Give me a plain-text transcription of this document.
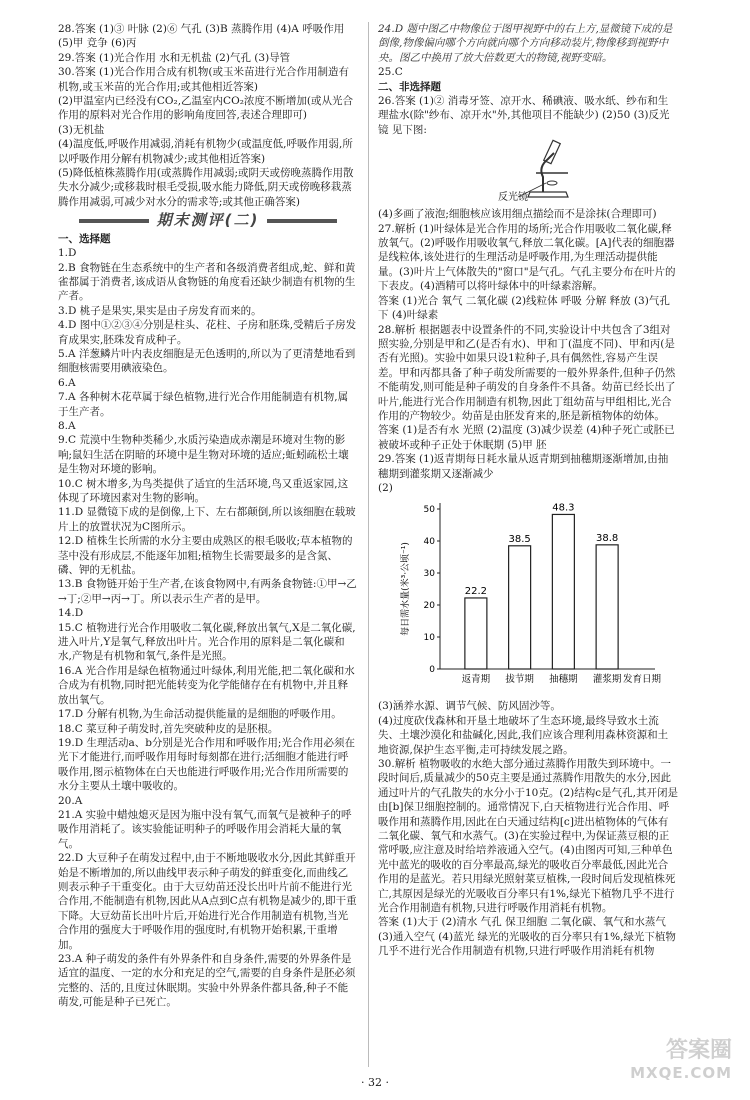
28.答案 (1)③ 叶脉 (2)⑥ 气孔 (3)B 蒸腾作用 (4)A 呼吸作用 (5)甲 竞争 (6)丙

29.答案 (1)光合作用 水和无机盐 (2)气孔 (3)导管

30.答案 (1)光合作用合成有机物(或玉米苗进行光合作用制造有机物,或玉米苗的光合作用;或其他相近答案)

(2)甲温室内已经没有CO₂,乙温室内CO₂浓度不断增加(或从光合作用的原料对光合作用的影响角度回答,表述合理即可)

(3)无机盐

(4)温度低,呼吸作用减弱,消耗有机物少(或温度低,呼吸作用弱,所以呼吸作用分解有机物减少;或其他相近答案)

(5)降低植株蒸腾作用(或蒸腾作用减弱;或阴天或傍晚蒸腾作用散失水分减少;或移栽时根毛受损,吸水能力降低,阴天或傍晚移栽蒸腾作用减弱,可减少对水分的需求等;或其他正确答案)

期末测评(二)

一、选择题

1.D

2.B 食物链在生态系统中的生产者和各级消费者组成,蛇、鲜和黄雀都属于消费者,该成语从食物链的角度看还缺少制造有机物的生产者。

3.D 桃子是果实,果实是由子房发育而来的。

4.D 图中①②③④分别是柱头、花柱、子房和胚珠,受精后子房发育成果实,胚珠发育成种子。

5.A 洋葱鳞片叶内表皮细胞是无色透明的,所以为了更清楚地看到细胞核需要用碘液染色。

6.A

7.A 各种树木花草属于绿色植物,进行光合作用能制造有机物,属于生产者。

8.A

9.C 荒漠中生物种类稀少,水质污染造成赤潮是环境对生物的影响;鼠妇生活在阴暗的环境中是生物对环境的适应;蚯蚓疏松土壤是生物对环境的影响。

10.C 树木增多,为鸟类提供了适宜的生活环境,鸟又重返家园,这体现了环境因素对生物的影响。

11.D 显微镜下成的是倒像,上下、左右都颠倒,所以该细胞在载玻片上的放置状况为C图所示。

12.D 植株生长所需的水分主要由成熟区的根毛吸收;草本植物的茎中没有形成层,不能逐年加粗;植物生长需要最多的是含氮、磷、钾的无机盐。

13.B 食物链开始于生产者,在该食物网中,有两条食物链:①甲→乙→丁;②甲→丙→丁。所以表示生产者的是甲。

14.D

15.C 植物进行光合作用吸收二氧化碳,释放出氧气,X是二氧化碳,进入叶片,Y是氧气,释放出叶片。光合作用的原料是二氧化碳和水,产物是有机物和氧气,条件是光照。

16.A 光合作用是绿色植物通过叶绿体,利用光能,把二氧化碳和水合成为有机物,同时把光能转变为化学能储存在有机物中,并且释放出氧气。

17.D 分解有机物,为生命活动提供能量的是细胞的呼吸作用。

18.C 菜豆种子萌发时,首先突破种皮的是胚根。

19.D 生理活动a、b分别是光合作用和呼吸作用;光合作用必须在光下才能进行,而呼吸作用每时每刻都在进行;活细胞才能进行呼吸作用,图示植物体在白天也能进行呼吸作用;光合作用所需要的水分主要从土壤中吸收的。

20.A

21.A 实验中蜡烛熄灭是因为瓶中没有氧气,而氧气是被种子的呼吸作用消耗了。该实验能证明种子的呼吸作用会消耗大量的氧气。

22.D 大豆种子在萌发过程中,由于不断地吸收水分,因此其鲜重开始是不断增加的,所以曲线甲表示种子萌发的鲜重变化,而曲线乙则表示种子干重变化。由于大豆幼苗还没长出叶片前不能进行光合作用,不能制造有机物,因此从A点到C点有机物是减少的,即干重下降。大豆幼苗长出叶片后,开始进行光合作用制造有机物,当光合作用的强度大于呼吸作用的强度时,有机物开始积累,干重增加。

23.A 种子萌发的条件有外界条件和自身条件,需要的外界条件是适宜的温度、一定的水分和充足的空气,需要的自身条件是胚必须完整的、活的,且度过休眠期。实验中外界条件都具备,种子不能萌发,可能是种子已死亡。

24.D 题中图乙中物像位于图甲视野中的右上方,显微镜下成的是倒像,物像偏向哪个方向就向哪个方向移动装片,物像移到视野中央。图乙中换用了放大倍数更大的物镜,视野变暗。

25.C

二、非选择题

26.答案 (1)② 消毒牙签、凉开水、稀碘液、吸水纸、纱布和生理盐水(除"纱布、凉开水"外,其他项目不能缺少) (2)50 (3)反光镜 见下图:

反光镜

(4)多画了液泡;细胞核应该用细点描绘而不是涂抹(合理即可)

27.解析 (1)叶绿体是光合作用的场所;光合作用吸收二氧化碳,释放氧气。(2)呼吸作用吸收氧气,释放二氧化碳。[A]代表的细胞器是线粒体,该处进行的生理活动是呼吸作用,为生理活动提供能量。(3)叶片上气体散失的"窗口"是气孔。气孔主要分布在叶片的下表皮。(4)酒精可以将叶绿体中的叶绿素溶解。

答案 (1)光合 氧气 二氧化碳 (2)线粒体 呼吸 分解 释放 (3)气孔 下 (4)叶绿素

28.解析 根据题表中设置条件的不同,实验设计中共包含了3组对照实验,分别是甲和乙(是否有水)、甲和丁(温度不同)、甲和丙(是否有光照)。实验中如果只设1粒种子,具有偶然性,容易产生误差。甲和丙都具备了种子萌发所需要的一般外界条件,但种子仍然不能萌发,则可能是种子萌发的自身条件不具备。幼苗已经长出了叶片,能进行光合作用制造有机物,因此丁组幼苗与甲组相比,光合作用的产物较少。幼苗是由胚发育来的,胚是新植物体的幼体。

答案 (1)是否有水 光照 (2)温度 (3)减少误差 (4)种子死亡或胚已被破坏或种子正处于休眠期 (5)甲 胚

29.答案 (1)返青期每日耗水量从返青期到抽穗期逐渐增加,由抽穗期到灌浆期又逐渐减少

(2)

0
10
20
30
40
50
每日需水量(米³·公顷⁻¹)	22.2
返青期
38.5
拔节期
48.3
抽穗期
38.8
灌浆期 发育日期

(3)涵养水源、调节气候、防风固沙等。

(4)过度砍伐森林和开垦土地破坏了生态环境,最终导致水土流失、土壤沙漠化和盐碱化,因此,我们应该合理利用森林资源和土地资源,保护生态平衡,走可持续发展之路。

30.解析 植物吸收的水绝大部分通过蒸腾作用散失到环境中。一段时间后,质量减少的50克主要是通过蒸腾作用散失的水分,因此通过叶片的气孔散失的水分小于10克。(2)结构c是气孔,其开闭是由[b]保卫细胞控制的。通常情况下,白天植物进行光合作用、呼吸作用和蒸腾作用,因此在白天通过结构[c]进出植物体的气体有二氧化碳、氧气和水蒸气。(3)在实验过程中,为保证蒸豆根的正常呼吸,应注意及时给培养液通入空气。(4)由图丙可知,三种单色光中蓝光的吸收的百分率最高,绿光的吸收百分率最低,因此光合作用的是蓝光。若只用绿光照射菜豆植株,一段时间后发现植株死亡,其原因是绿光的光吸收百分率只有1%,绿光下植物几乎不进行光合作用制造有机物,只进行呼吸作用消耗有机物。

答案 (1)大于 (2)清水 气孔 保卫细胞 二氧化碳、氧气和水蒸气 (3)通入空气 (4)蓝光 绿光的光吸收的百分率只有1%,绿光下植物几乎不进行光合作用制造有机物,只进行呼吸作用消耗有机物

· 32 ·
答案圈
MXQE.COM
